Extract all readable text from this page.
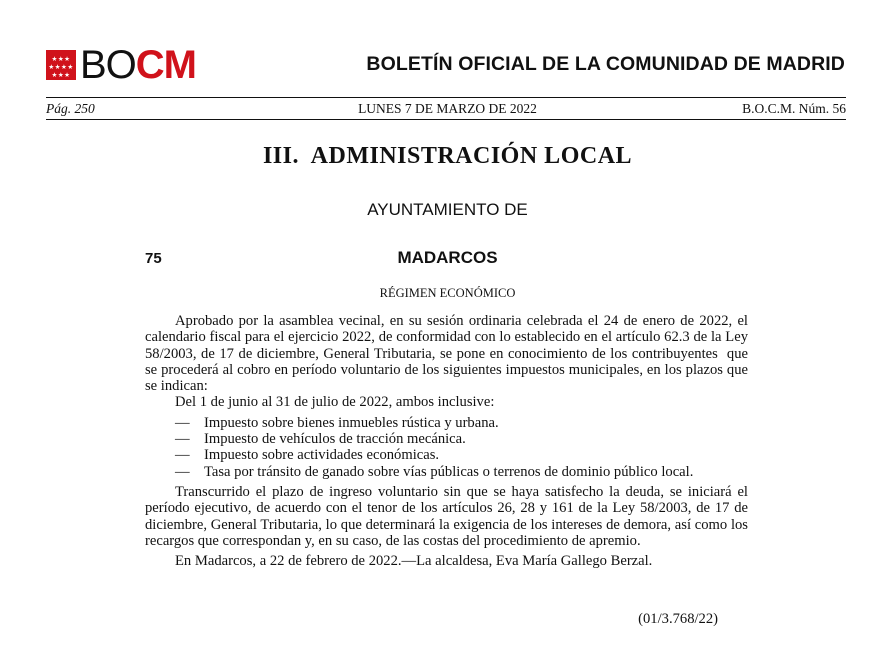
★★★
★★★★
★★★
★★★ BOCM	BOLETÍN OFICIAL DE LA COMUNIDAD DE MADRID
Pág. 250	LUNES 7 DE MARZO DE 2022	B.O.C.M. Núm. 56
III.  ADMINISTRACIÓN LOCAL
AYUNTAMIENTO DE
75	MADARCOS
RÉGIMEN ECONÓMICO

Aprobado por la asamblea vecinal, en su sesión ordinaria celebrada el 24 de enero de 2022, el calendario fiscal para el ejercicio 2022, de conformidad con lo establecido en el artículo 62.3 de la Ley 58/2003, de 17 de diciembre, General Tributaria, se pone en conocimiento de los contribuyentes  que se procederá al cobro en período voluntario de los siguientes impuestos municipales, en los plazos que se indican:

Del 1 de junio al 31 de julio de 2022, ambos inclusive:

— Impuesto sobre bienes inmuebles rústica y urbana.
— Impuesto de vehículos de tracción mecánica.
— Impuesto sobre actividades económicas.
— Tasa por tránsito de ganado sobre vías públicas o terrenos de dominio público local.

Transcurrido el plazo de ingreso voluntario sin que se haya satisfecho la deuda, se iniciará el período ejecutivo, de acuerdo con el tenor de los artículos 26, 28 y 161 de la Ley 58/2003, de 17 de diciembre, General Tributaria, lo que determinará la exigencia de los intereses de demora, así como los recargos que correspondan y, en su caso, de las costas del procedimiento de apremio.

En Madarcos, a 22 de febrero de 2022.—La alcaldesa, Eva María Gallego Berzal.

(01/3.768/22)
